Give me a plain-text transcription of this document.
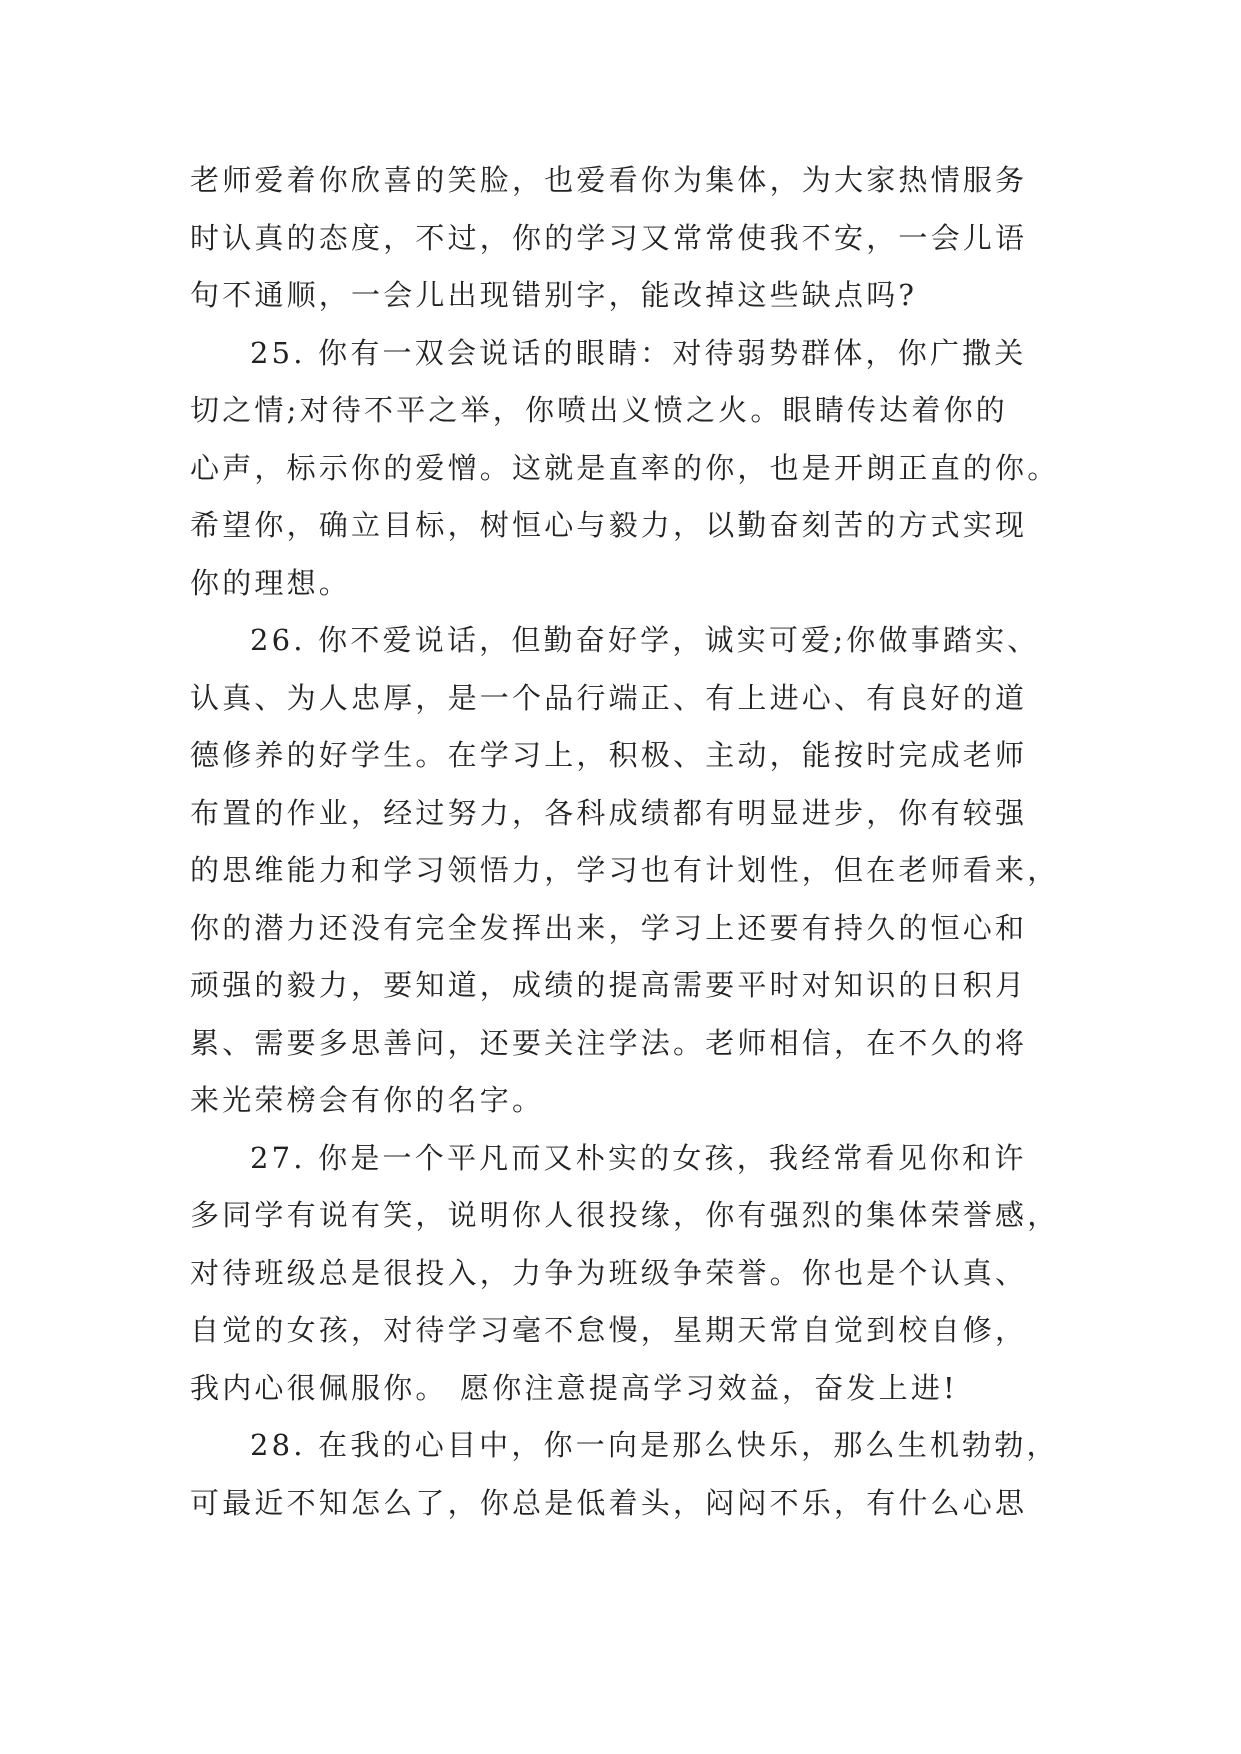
老师爱着你欣喜的笑脸，也爱看你为集体，为大家热情服务
时认真的态度，不过，你的学习又常常使我不安，一会儿语
句不通顺，一会儿出现错别字，能改掉这些缺点吗?
25. 你有一双会说话的眼睛：对待弱势群体，你广撒关
切之情;对待不平之举，你喷出义愤之火。眼睛传达着你的
心声，标示你的爱憎。这就是直率的你，也是开朗正直的你。
希望你，确立目标，树恒心与毅力，以勤奋刻苦的方式实现
你的理想。
26. 你不爱说话，但勤奋好学，诚实可爱;你做事踏实、
认真、为人忠厚，是一个品行端正、有上进心、有良好的道
德修养的好学生。在学习上，积极、主动，能按时完成老师
布置的作业，经过努力，各科成绩都有明显进步，你有较强
的思维能力和学习领悟力，学习也有计划性，但在老师看来，
你的潜力还没有完全发挥出来，学习上还要有持久的恒心和
顽强的毅力，要知道，成绩的提高需要平时对知识的日积月
累、需要多思善问，还要关注学法。老师相信，在不久的将
来光荣榜会有你的名字。
27. 你是一个平凡而又朴实的女孩，我经常看见你和许
多同学有说有笑，说明你人很投缘，你有强烈的集体荣誉感，
对待班级总是很投入，力争为班级争荣誉。你也是个认真、
自觉的女孩，对待学习毫不怠慢，星期天常自觉到校自修，
我内心很佩服你。 愿你注意提高学习效益，奋发上进!
28. 在我的心目中，你一向是那么快乐，那么生机勃勃，
可最近不知怎么了，你总是低着头，闷闷不乐，有什么心思
